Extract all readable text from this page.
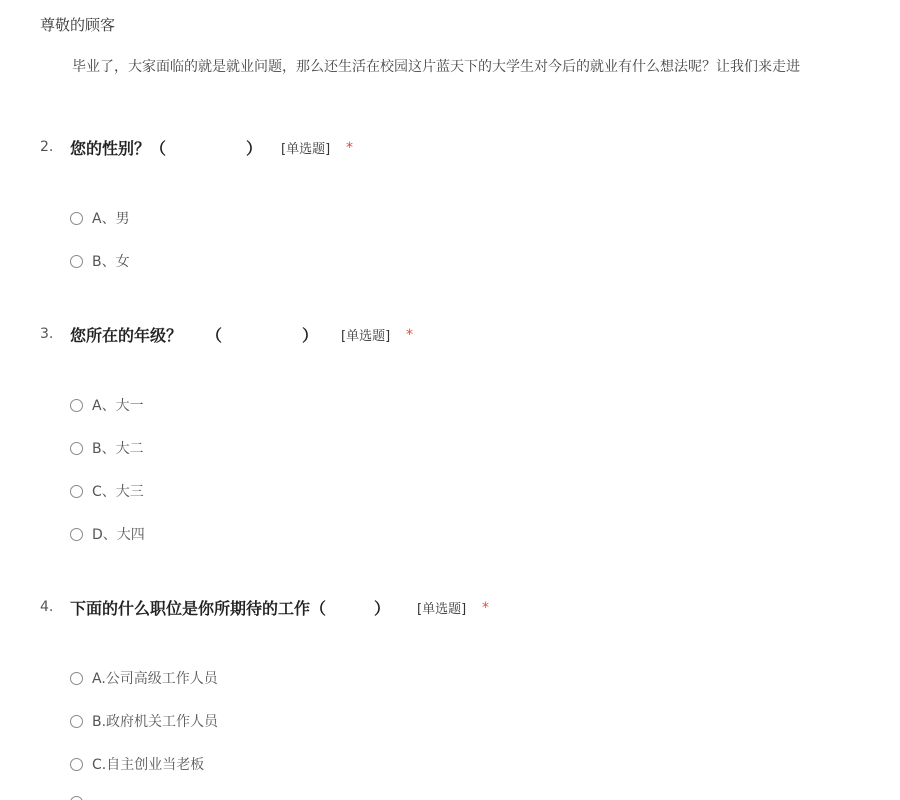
尊敬的顾客
毕业了，大家面临的就是就业问题，那么还生活在校园这片蓝天下的大学生对今后的就业有什么想法呢？让我们来走进
2. 您的性别？（　　　　　） [单选题] *
A、男
B、女
3. 您所在的年级？　　（　　　　　） [单选题] *
A、大一
B、大二
C、大三
D、大四
4. 下面的什么职位是你所期待的工作（　　　） [单选题] *
A.公司高级工作人员
B.政府机关工作人员
C.自主创业当老板
